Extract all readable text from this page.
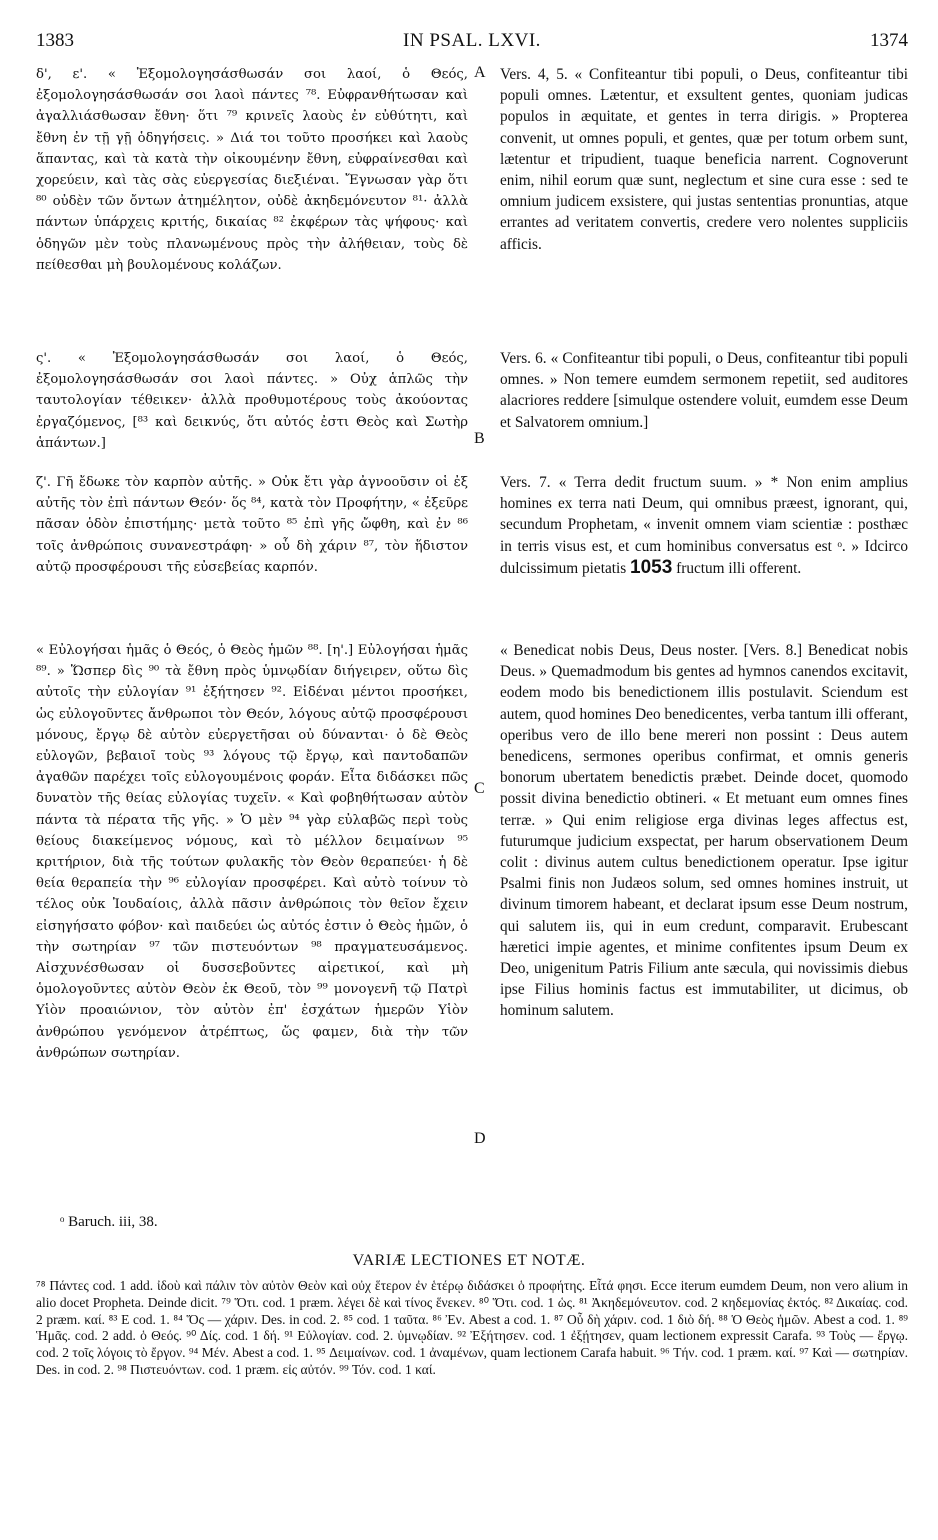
1383	IN PSAL. LXVI.	1374

δ', ε'. « Ἐξομολογησάσθωσάν σοι λαοί, ὁ Θεός, ἐξομολογησάσθωσάν σοι λαοὶ πάντες ⁷⁸. Εὐφρανθήτωσαν καὶ ἀγαλλιάσθωσαν ἔθνη· ὅτι ⁷⁹ κρινεῖς λαοὺς ἐν εὐθύτητι, καὶ ἔθνη ἐν τῇ γῇ ὁδηγήσεις. » Διά τοι τοῦτο προσήκει καὶ λαοὺς ἅπαντας, καὶ τὰ κατὰ τὴν οἰκουμένην ἔθνη, εὐφραίνεσθαι καὶ χορεύειν, καὶ τὰς σὰς εὐεργεσίας διεξιέναι. Ἔγνωσαν γὰρ ὅτι ⁸⁰ οὐδὲν τῶν ὄντων ἀτημέλητον, οὐδὲ ἀκηδεμόνευτον ⁸¹· ἀλλὰ πάντων ὑπάρχεις κριτής, δικαίας ⁸² ἐκφέρων τὰς ψήφους· καὶ ὁδηγῶν μὲν τοὺς πλανωμένους πρὸς τὴν ἀλήθειαν, τοὺς δὲ πείθεσθαι μὴ βουλομένους κολάζων.

ς'. « Ἐξομολογησάσθωσάν σοι λαοί, ὁ Θεός, ἐξομολογησάσθωσάν σοι λαοὶ πάντες. » Οὐχ ἁπλῶς τὴν ταυτολογίαν τέθεικεν· ἀλλὰ προθυμοτέρους τοὺς ἀκούοντας ἐργαζόμενος, [⁸³ καὶ δεικνύς, ὅτι αὐτός ἐστι Θεὸς καὶ Σωτὴρ ἁπάντων.]

ζ'. Γῆ ἔδωκε τὸν καρπὸν αὐτῆς. » Οὐκ ἔτι γὰρ ἀγνοοῦσιν οἱ ἐξ αὐτῆς τὸν ἐπὶ πάντων Θεόν· ὅς ⁸⁴, κατὰ τὸν Προφήτην, « ἐξεῦρε πᾶσαν ὁδὸν ἐπιστήμης· μετὰ τοῦτο ⁸⁵ ἐπὶ γῆς ὤφθη, καὶ ἐν ⁸⁶ τοῖς ἀνθρώποις συνανεστράφη· » οὗ δὴ χάριν ⁸⁷, τὸν ἥδιστον αὐτῷ προσφέρουσι τῆς εὐσεβείας καρπόν.

« Εὐλογήσαι ἡμᾶς ὁ Θεός, ὁ Θεὸς ἡμῶν ⁸⁸. [η'.] Εὐλογήσαι ἡμᾶς ⁸⁹. » Ὥσπερ δὶς ⁹⁰ τὰ ἔθνη πρὸς ὑμνῳδίαν διήγειρεν, οὕτω δὶς αὐτοῖς τὴν εὐλογίαν ⁹¹ ἐξήτησεν ⁹². Εἰδέναι μέντοι προσήκει, ὡς εὐλογοῦντες ἄνθρωποι τὸν Θεόν, λόγους αὐτῷ προσφέρουσι μόνους, ἔργῳ δὲ αὐτὸν εὐεργετῆσαι οὐ δύνανται· ὁ δὲ Θεὸς εὐλογῶν, βεβαιοῖ τοὺς ⁹³ λόγους τῷ ἔργῳ, καὶ παντοδαπῶν ἀγαθῶν παρέχει τοῖς εὐλογουμένοις φοράν. Εἶτα διδάσκει πῶς δυνατὸν τῆς θείας εὐλογίας τυχεῖν. « Καὶ φοβηθήτωσαν αὐτὸν πάντα τὰ πέρατα τῆς γῆς. » Ὁ μὲν ⁹⁴ γὰρ εὐλαβῶς περὶ τοὺς θείους διακείμενος νόμους, καὶ τὸ μέλλον δειμαίνων ⁹⁵ κριτήριον, διὰ τῆς τούτων φυλακῆς τὸν Θεὸν θεραπεύει· ἡ δὲ θεία θεραπεία τὴν ⁹⁶ εὐλογίαν προσφέρει. Καὶ αὐτὸ τοίνυν τὸ τέλος οὐκ Ἰουδαίοις, ἀλλὰ πᾶσιν ἀνθρώποις τὸν θεῖον ἔχειν εἰσηγήσατο φόβον· καὶ παιδεύει ὡς αὐτός ἐστιν ὁ Θεὸς ἡμῶν, ὁ τὴν σωτηρίαν ⁹⁷ τῶν πιστευόντων ⁹⁸ πραγματευσάμενος. Αἰσχυνέσθωσαν οἱ δυσσεβοῦντες αἱρετικοί, καὶ μὴ ὁμολογοῦντες αὐτὸν Θεὸν ἐκ Θεοῦ, τὸν ⁹⁹ μονογενῆ τῷ Πατρὶ Υἱὸν προαιώνιον, τὸν αὐτὸν ἐπ' ἐσχάτων ἡμερῶν Υἱὸν ἀνθρώπου γενόμενον ἀτρέπτως, ὥς φαμεν, διὰ τὴν τῶν ἀνθρώπων σωτηρίαν.

A
B
C
D

Vers. 4, 5. « Confiteantur tibi populi, o Deus, confiteantur tibi populi omnes. Lætentur, et exsultent gentes, quoniam judicas populos in æquitate, et gentes in terra dirigis. » Propterea convenit, ut omnes populi, et gentes, quæ per totum orbem sunt, lætentur et tripudient, tuaque beneficia narrent. Cognoverunt enim, nihil eorum quæ sunt, neglectum et sine cura esse : sed te omnium judicem exsistere, qui justas sententias pronuntias, atque errantes ad veritatem convertis, credere vero nolentes suppliciis afficis.

Vers. 6. « Confiteantur tibi populi, o Deus, confiteantur tibi populi omnes. » Non temere eumdem sermonem repetiit, sed auditores alacriores reddere [simulque ostendere voluit, eumdem esse Deum et Salvatorem omnium.]

Vers. 7. « Terra dedit fructum suum. » * Non enim amplius homines ex terra nati Deum, qui omnibus præest, ignorant, qui, secundum Prophetam, « invenit omnem viam scientiæ : posthæc in terris visus est, et cum hominibus conversatus est ᵒ. » Idcirco dulcissimum pietatis 1053 fructum illi offerent.

« Benedicat nobis Deus, Deus noster. [Vers. 8.] Benedicat nobis Deus. » Quemadmodum bis gentes ad hymnos canendos excitavit, eodem modo bis benedictionem illis postulavit. Sciendum est autem, quod homines Deo benedicentes, verba tantum illi offerant, operibus vero de illo bene mereri non possint : Deus autem benedicens, sermones operibus confirmat, et omnis generis bonorum ubertatem benedictis præbet. Deinde docet, quomodo possit divina benedictio obtineri. « Et metuant eum omnes fines terræ. » Qui enim religiose erga divinas leges affectus est, futurumque judicium exspectat, per harum observationem Deum colit : divinus autem cultus benedictionem operatur. Ipse igitur Psalmi finis non Judæos solum, sed omnes homines instruit, ut divinum timorem habeant, et declarat ipsum esse Deum nostrum, qui salutem iis, qui in eum credunt, comparavit. Erubescant hæretici impie agentes, et minime confitentes ipsum Deum ex Deo, unigenitum Patris Filium ante sæcula, qui novissimis diebus ipse Filius hominis factus est immutabiliter, ut dicimus, ob hominum salutem.

ᵒ Baruch. iii, 38.
VARIÆ LECTIONES ET NOTÆ.
⁷⁸ Πάντες cod. 1 add. ἰδοὺ καὶ πάλιν τὸν αὐτὸν Θεὸν καὶ οὐχ ἕτερον ἐν ἑτέρῳ διδάσκει ὁ προφήτης. Εἶτά φησι. Ecce iterum eumdem Deum, non vero alium in alio docet Propheta. Deinde dicit. ⁷⁹ Ὅτι. cod. 1 præm. λέγει δὲ καὶ τίνος ἕνεκεν. ⁸⁰ Ὅτι. cod. 1 ὡς. ⁸¹ Ἀκηδεμόνευτον. cod. 2 κηδεμονίας ἐκτός. ⁸² Δικαίας. cod. 2 præm. καί. ⁸³ E cod. 1. ⁸⁴ Ὅς — χάριν. Des. in cod. 2. ⁸⁵ cod. 1 ταῦτα. ⁸⁶ Ἐν. Abest a cod. 1. ⁸⁷ Οὗ δὴ χάριν. cod. 1 διὸ δή. ⁸⁸ Ὁ Θεὸς ἡμῶν. Abest a cod. 1. ⁸⁹ Ἡμᾶς. cod. 2 add. ὁ Θεός. ⁹⁰ Δίς. cod. 1 δή. ⁹¹ Εὐλογίαν. cod. 2. ὑμνῳδίαν. ⁹² Ἐξήτησεν. cod. 1 ἐξῄτησεν, quam lectionem expressit Carafa. ⁹³ Τοὺς — ἔργῳ. cod. 2 τοῖς λόγοις τὸ ἔργον. ⁹⁴ Μέν. Abest a cod. 1. ⁹⁵ Δειμαίνων. cod. 1 ἀναμένων, quam lectionem Carafa habuit. ⁹⁶ Τήν. cod. 1 præm. καί. ⁹⁷ Καὶ — σωτηρίαν. Des. in cod. 2. ⁹⁸ Πιστευόντων. cod. 1 præm. εἰς αὐτόν. ⁹⁹ Τόν. cod. 1 καί.
